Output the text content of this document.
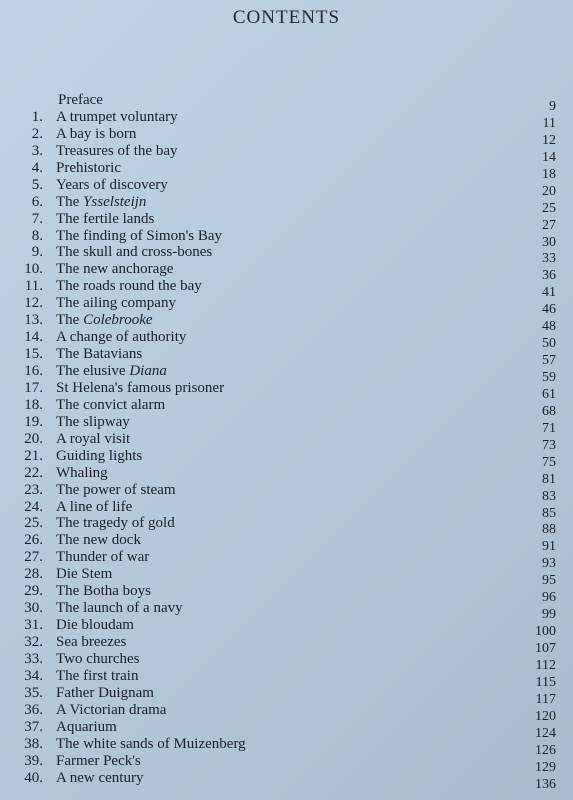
CONTENTS
Preface	9
1. A trumpet voluntary	11
2. A bay is born	12
3. Treasures of the bay	14
4. Prehistoric	18
5. Years of discovery	20
6. The Ysselsteijn	25
7. The fertile lands	27
8. The finding of Simon's Bay	30
9. The skull and cross-bones	33
10. The new anchorage	36
11. The roads round the bay	41
12. The ailing company	46
13. The Colebrooke	48
14. A change of authority	50
15. The Batavians	57
16. The elusive Diana	59
17. St Helena's famous prisoner	61
18. The convict alarm	68
19. The slipway	71
20. A royal visit	73
21. Guiding lights	75
22. Whaling	81
23. The power of steam	83
24. A line of life	85
25. The tragedy of gold	88
26. The new dock	91
27. Thunder of war	93
28. Die Stem	95
29. The Botha boys	96
30. The launch of a navy	99
31. Die bloudam	100
32. Sea breezes	107
33. Two churches	112
34. The first train	115
35. Father Duignam	117
36. A Victorian drama	120
37. Aquarium	124
38. The white sands of Muizenberg	126
39. Farmer Peck's	129
40. A new century	136
